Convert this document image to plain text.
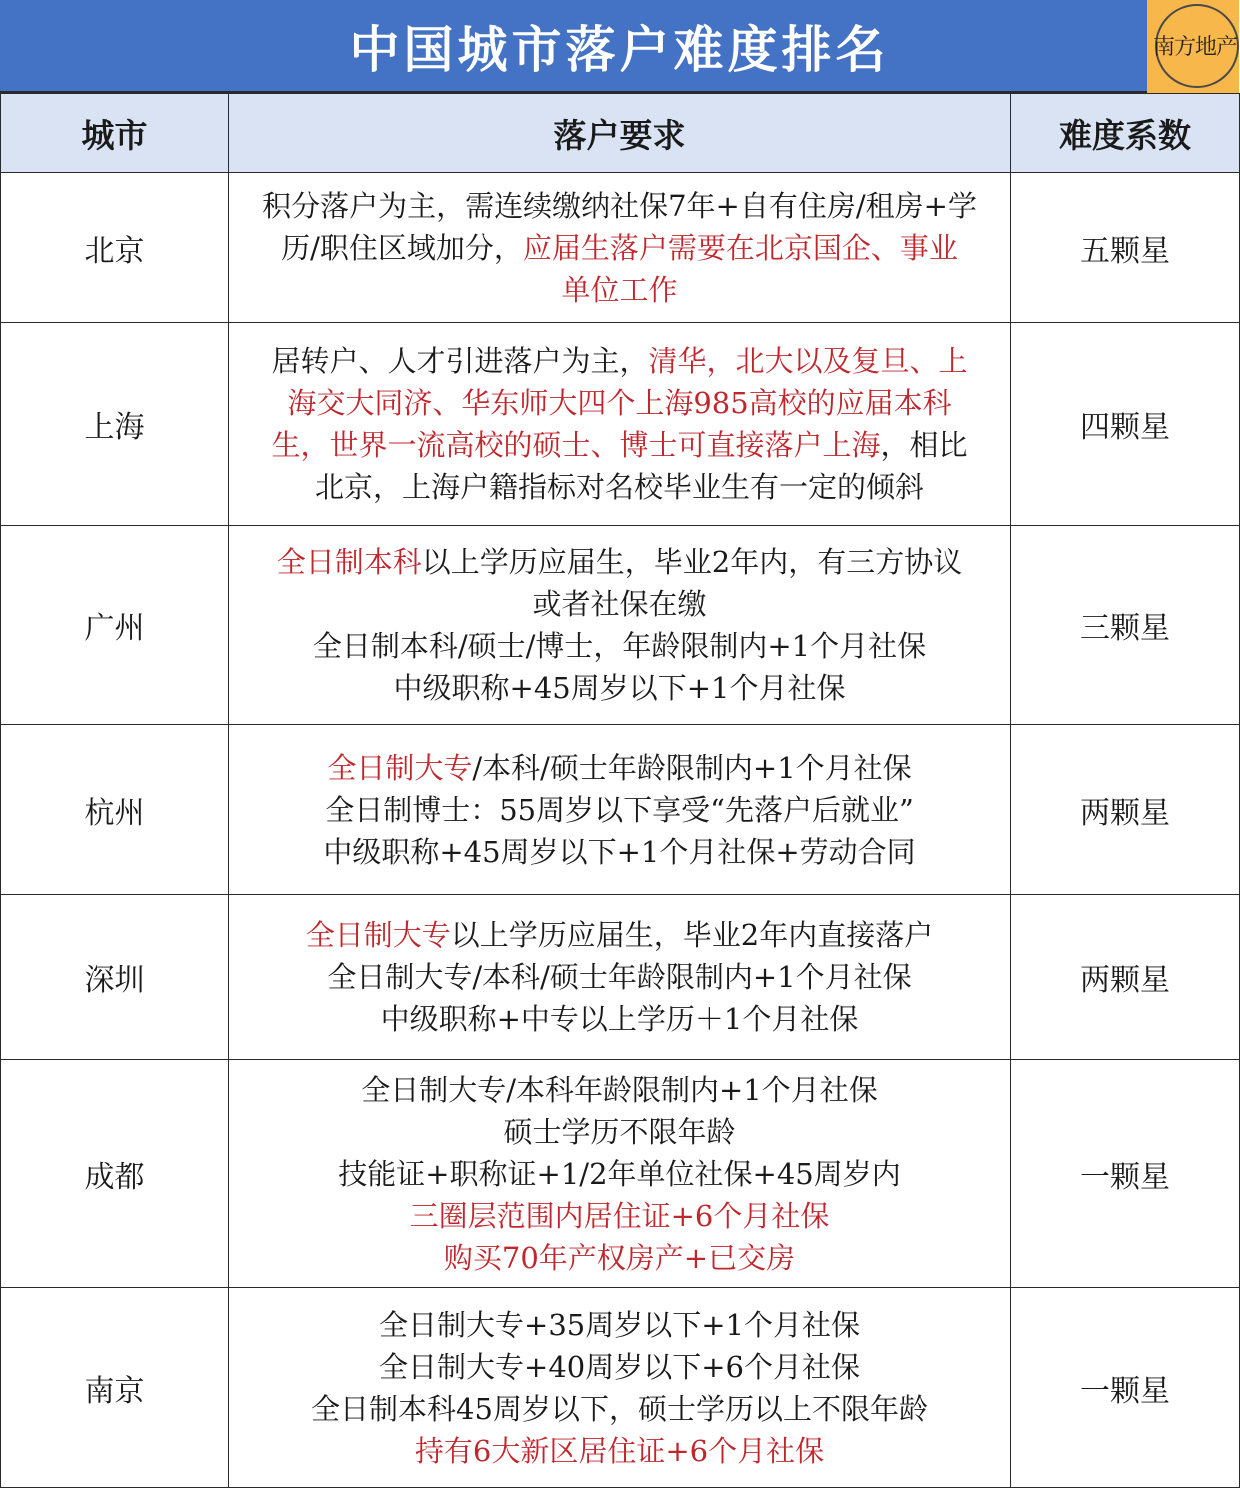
中国城市落户难度排名	南方地产
城市	落户要求	难度系数
北京	积分落户为主，需连续缴纳社保7年+自有住房/租房+学
历/职住区域加分，应届生落户需要在北京国企、事业
单位工作	五颗星
上海	居转户、人才引进落户为主，清华，北大以及复旦、上
海交大同济、华东师大四个上海985高校的应届本科
生，世界一流高校的硕士、博士可直接落户上海，相比
北京，上海户籍指标对名校毕业生有一定的倾斜	四颗星
广州	全日制本科以上学历应届生，毕业2年内，有三方协议
或者社保在缴
全日制本科/硕士/博士，年龄限制内+1个月社保
中级职称+45周岁以下+1个月社保	三颗星
杭州	全日制大专/本科/硕士年龄限制内+1个月社保
全日制博士：55周岁以下享受“先落户后就业”
中级职称+45周岁以下+1个月社保+劳动合同	两颗星
深圳	全日制大专以上学历应届生，毕业2年内直接落户
全日制大专/本科/硕士年龄限制内+1个月社保
中级职称+中专以上学历＋1个月社保	两颗星
成都	全日制大专/本科年龄限制内+1个月社保
硕士学历不限年龄
技能证+职称证+1/2年单位社保+45周岁内
三圈层范围内居住证+6个月社保
购买70年产权房产+已交房	一颗星
南京	全日制大专+35周岁以下+1个月社保
全日制大专+40周岁以下+6个月社保
全日制本科45周岁以下，硕士学历以上不限年龄
持有6大新区居住证+6个月社保	一颗星
